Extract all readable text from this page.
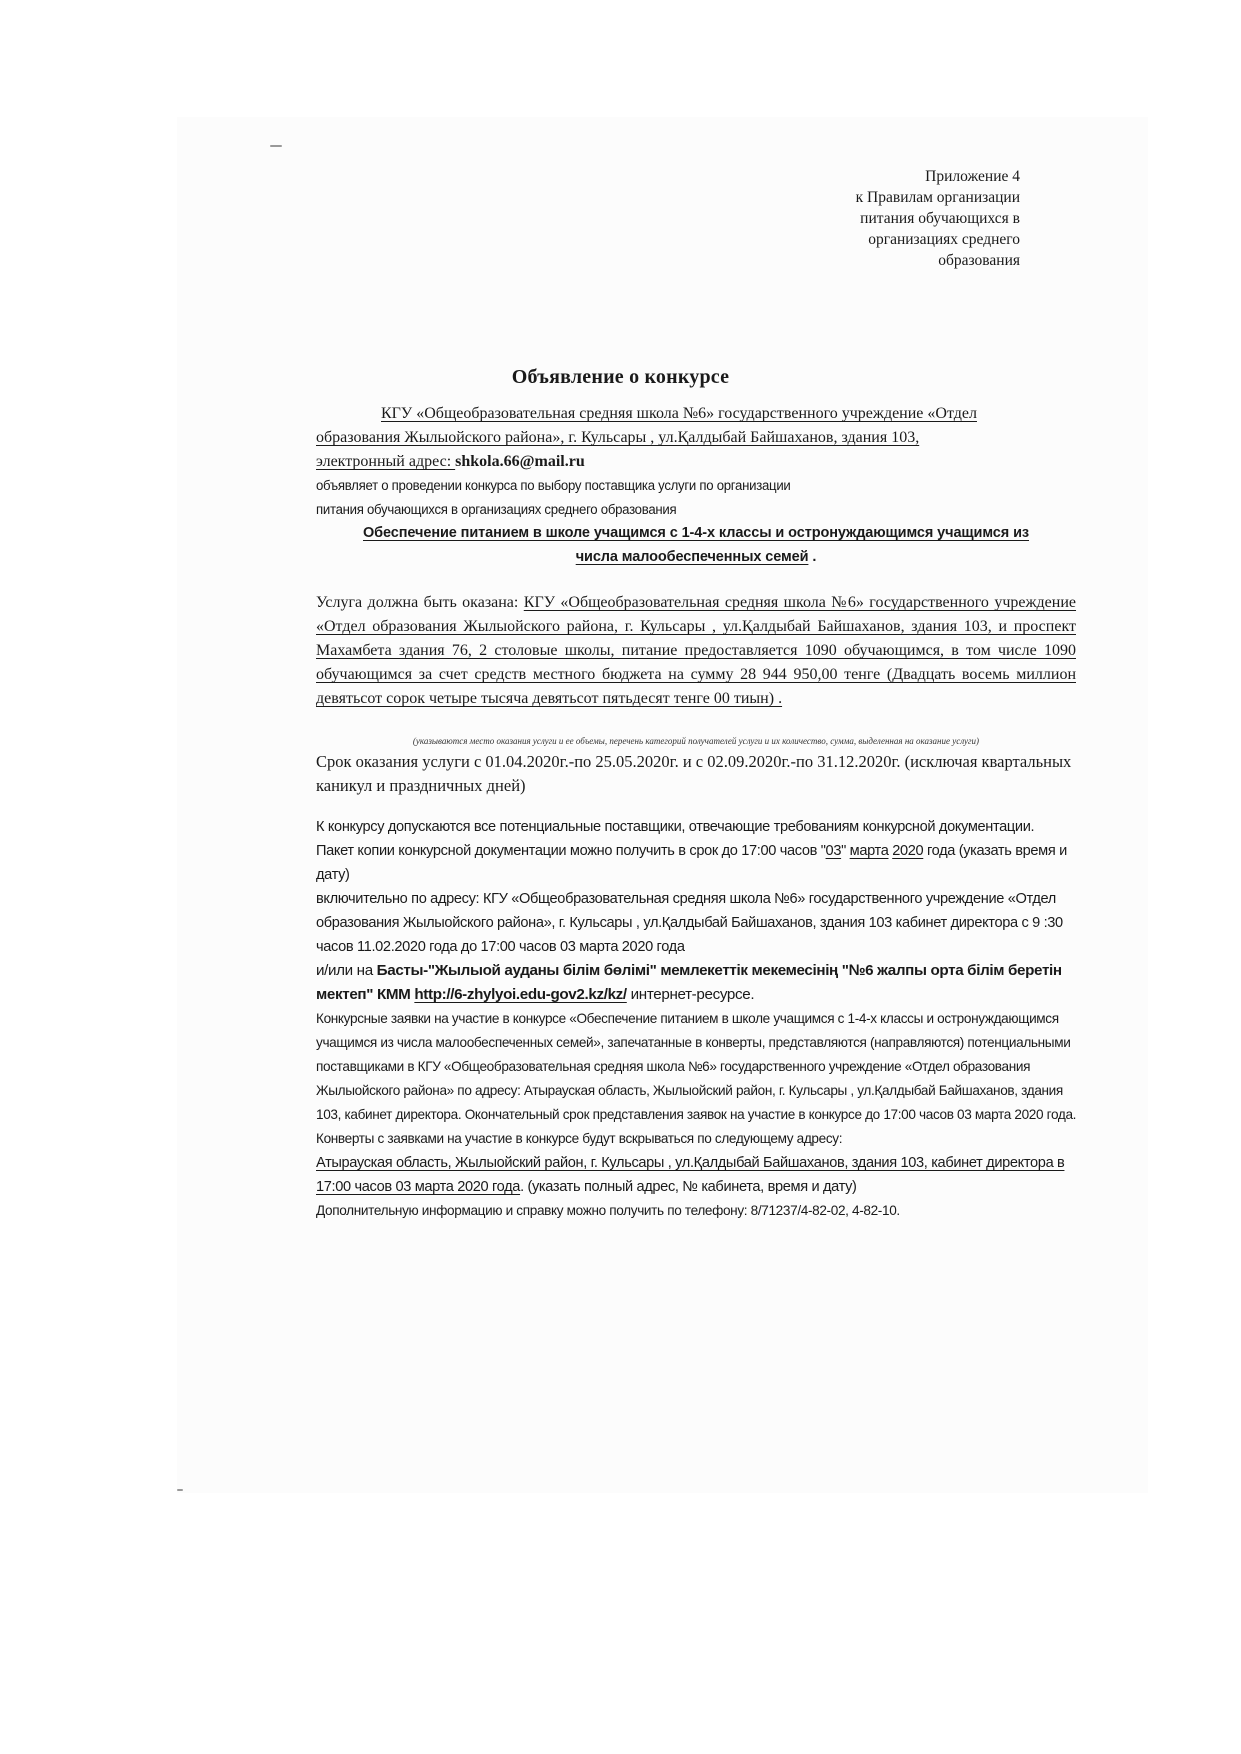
Приложение 4
к Правилам организации
питания обучающихся в
организациях среднего
образования
Объявление о конкурсе
КГУ «Общеобразовательная средняя школа №6» государственного учреждение «Отдел
образования Жылыойского района», г. Кульсары , ул.Қалдыбай Байшаханов, здания 103,
электронный адрес: shkola.66@mail.ru
объявляет о проведении конкурса по выбору поставщика услуги по организации
питания обучающихся в организациях среднего образования
Обеспечение питанием в школе учащимся с 1-4-х классы и остронуждающимся учащимся из
числа малообеспеченных семей .
Услуга должна быть оказана: КГУ «Общеобразовательная средняя школа №6» государственного учреждение «Отдел образования Жылыойского района, г. Кульсары , ул.Қалдыбай Байшаханов, здания 103, и проспект Махамбета здания 76, 2 столовые школы, питание предоставляется 1090 обучающимся, в том числе 1090 обучающимся за счет средств местного бюджета на сумму 28 944 950,00 тенге (Двадцать восемь миллион девятьсот сорок четыре тысяча девятьсот пятьдесят тенге 00 тиын) .
(указываются место оказания услуги и ее объемы, перечень категорий получателей услуги и их количество, сумма, выделенная на оказание услуги)
Срок оказания услуги с 01.04.2020г.-по 25.05.2020г. и с 02.09.2020г.-по 31.12.2020г. (исключая квартальных каникул и праздничных дней)

К конкурсу допускаются все потенциальные поставщики, отвечающие требованиям конкурсной документации.

Пакет копии конкурсной документации можно получить в срок до 17:00 часов "03" марта 2020 года (указать время и дату)

включительно по адресу: КГУ «Общеобразовательная средняя школа №6» государственного учреждение «Отдел образования Жылыойского района», г. Кульсары , ул.Қалдыбай Байшаханов, здания 103 кабинет директора с 9 :30 часов 11.02.2020 года до 17:00 часов 03 марта 2020 года

и/или на Басты-"Жылыой ауданы білім бөлімі" мемлекеттік мекемесінің "№6 жалпы орта білім беретін мектеп" КММ http://6-zhylyoi.edu-gov2.kz/kz/ интернет-ресурсе.

Конкурсные заявки на участие в конкурсе «Обеспечение питанием в школе учащимся с 1-4-х классы и остронуждающимся учащимся из числа малообеспеченных семей», запечатанные в конверты, представляются (направляются) потенциальными поставщиками в КГУ «Общеобразовательная средняя школа №6» государственного учреждение «Отдел образования Жылыойского района» по адресу: Атырауская область, Жылыойский район, г. Кульсары , ул.Қалдыбай Байшаханов, здания 103, кабинет директора. Окончательный срок представления заявок на участие в конкурсе до 17:00 часов 03 марта 2020 года.

Конверты с заявками на участие в конкурсе будут вскрываться по следующему адресу:

Атырауская область, Жылыойский район, г. Кульсары , ул.Қалдыбай Байшаханов, здания 103, кабинет директора в 17:00 часов 03 марта 2020 года. (указать полный адрес, № кабинета, время и дату)

Дополнительную информацию и справку можно получить по телефону: 8/71237/4-82-02, 4-82-10.
